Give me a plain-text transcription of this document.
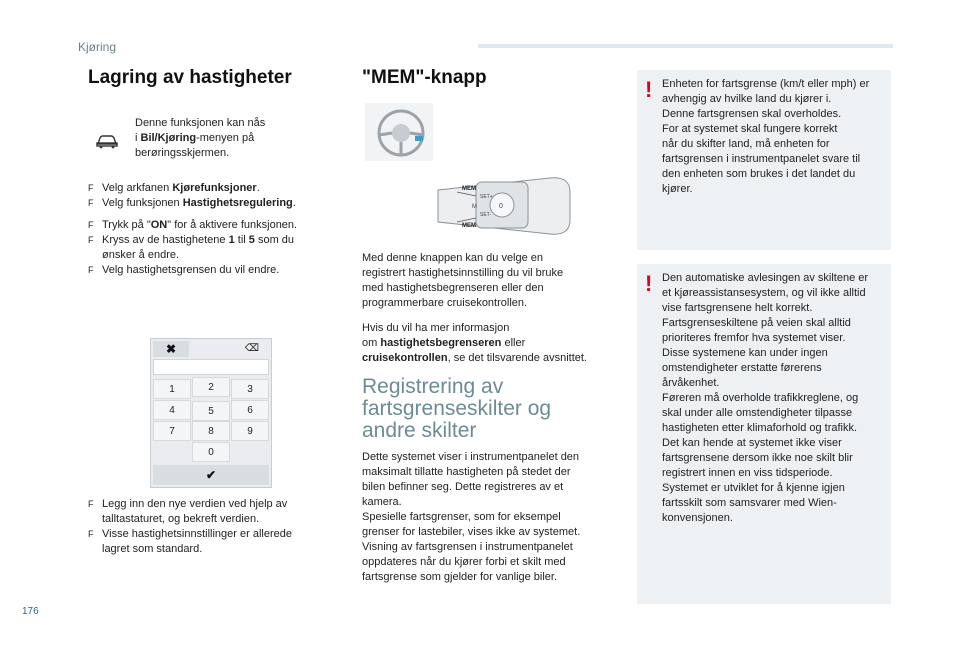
Kjøring
Lagring av hastigheter
Denne funksjonen kan nås
i Bil/Kjøring-menyen på
berøringsskjermen.
F Velg arkfanen Kjørefunksjoner.
F Velg funksjonen Hastighetsregulering.
F Trykk på "ON" for å aktivere funksjonen.
F Kryss av de hastighetene 1 til 5 som du
ønsker å endre.
F Velg hastighetsgrensen du vil endre.
✖	⌫
1	2	3
4	5	6
7	8	9
0
✔
F Legg inn den nye verdien ved hjelp av
talltastaturet, og bekreft verdien.
F Visse hastighetsinnstillinger er allerede
lagret som standard.
"MEM"-knapp
MEM
MEM
SET+
SET-
0
M

Med denne knappen kan du velge en
registrert hastighetsinnstilling du vil bruke
med hastighetsbegrenseren eller den
programmerbare cruisekontrollen.

Hvis du vil ha mer informasjon
om hastighetsbegrenseren eller
cruisekontrollen, se det tilsvarende avsnittet.

Registrering av
fartsgrenseskilter og
andre skilter
Dette systemet viser i instrumentpanelet den
maksimalt tillatte hastigheten på stedet der
bilen befinner seg. Dette registreres av et
kamera.
Spesielle fartsgrenser, som for eksempel
grenser for lastebiler, vises ikke av systemet.
Visning av fartsgrensen i instrumentpanelet
oppdateres når du kjører forbi et skilt med
fartsgrense som gjelder for vanlige biler.
! Enheten for fartsgrense (km/t eller mph) er
avhengig av hvilke land du kjører i.
Denne fartsgrensen skal overholdes.
For at systemet skal fungere korrekt
når du skifter land, må enheten for
fartsgrensen i instrumentpanelet svare til
den enheten som brukes i det landet du
kjører.
! Den automatiske avlesingen av skiltene er
et kjøreassistansesystem, og vil ikke alltid
vise fartsgrensene helt korrekt.
Fartsgrenseskiltene på veien skal alltid
prioriteres fremfor hva systemet viser.
Disse systemene kan under ingen
omstendigheter erstatte førerens
årvåkenhet.
Føreren må overholde trafikkreglene, og
skal under alle omstendigheter tilpasse
hastigheten etter klimaforhold og trafikk.
Det kan hende at systemet ikke viser
fartsgrensene dersom ikke noe skilt blir
registrert innen en viss tidsperiode.
Systemet er utviklet for å kjenne igjen
fartsskilt som samsvarer med Wien-
konvensjonen.
176
